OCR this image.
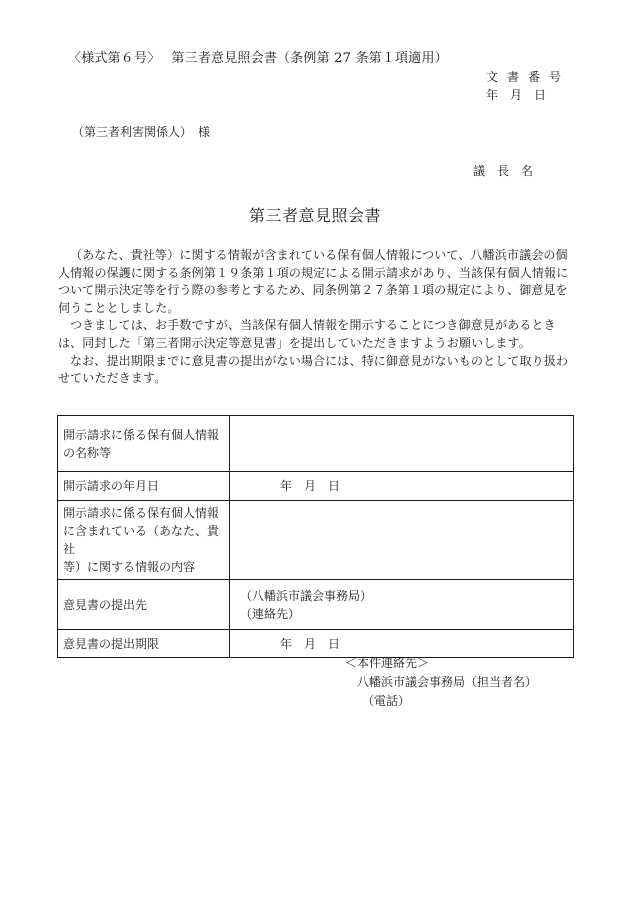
〈様式第６号〉　 第三者意見照会書（条例第 27 条第１項適用）
文書番号
年　月　日
（第三者利害関係人）　様
議　長　名
第三者意見照会書

（あなた、貴社等）に関する情報が含まれている保有個人情報について、八幡浜市議会の個人情報の保護に関する条例第１９条第１項の規定による開示請求があり、当該保有個人情報について開示決定等を行う際の参考とするため、同条例第２７条第１項の規定により、御意見を伺うこととしました。

つきましては、お手数ですが、当該保有個人情報を開示することにつき御意見があるときは、同封した「第三者開示決定等意見書」を提出していただきますようお願いします。

なお、提出期限までに意見書の提出がない場合には、特に御意見がないものとして取り扱わせていただきます。

開示請求に係る保有個人情報
の名称等	

開示請求の年月日	年　月　日

開示請求に係る保有個人情報
に含まれている（あなた、貴社
等）に関する情報の内容	

意見書の提出先	（八幡浜市議会事務局）
（連絡先）

意見書の提出期限	年　月　日
＜本件連絡先＞
八幡浜市議会事務局（担当者名）
（電話）
